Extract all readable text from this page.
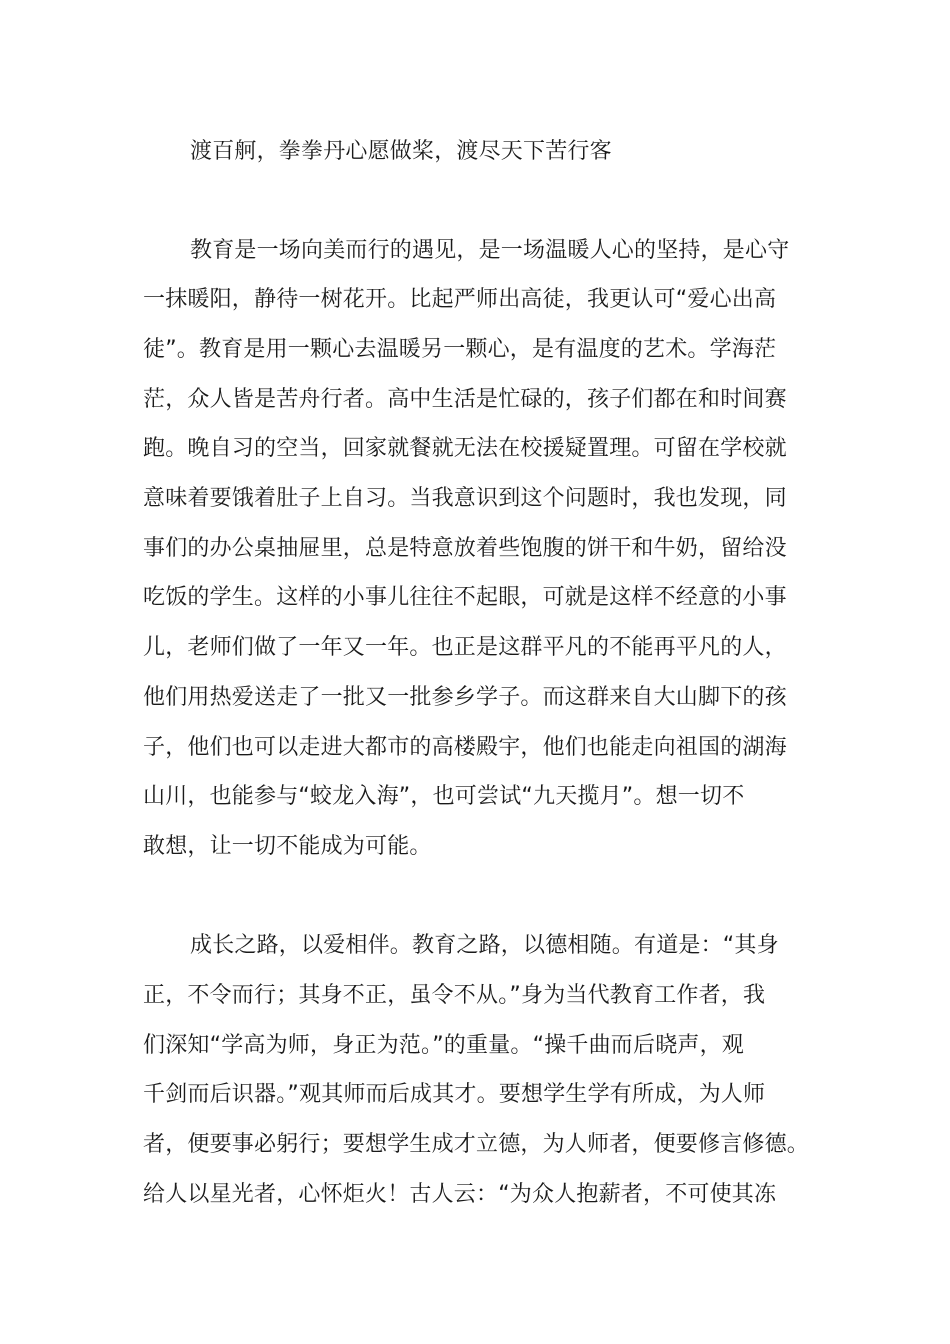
渡百舸，拳拳丹心愿做桨，渡尽天下苦行客
教育是一场向美而行的遇见，是一场温暖人心的坚持，是心守
一抹暖阳，静待一树花开。比起严师出高徒，我更认可“爱心出高
徒”。教育是用一颗心去温暖另一颗心，是有温度的艺术。学海茫
茫，众人皆是苦舟行者。高中生活是忙碌的，孩子们都在和时间赛
跑。晚自习的空当，回家就餐就无法在校援疑置理。可留在学校就
意味着要饿着肚子上自习。当我意识到这个问题时，我也发现，同
事们的办公桌抽屉里，总是特意放着些饱腹的饼干和牛奶，留给没
吃饭的学生。这样的小事儿往往不起眼，可就是这样不经意的小事
儿，老师们做了一年又一年。也正是这群平凡的不能再平凡的人，
他们用热爱送走了一批又一批参乡学子。而这群来自大山脚下的孩
子，他们也可以走进大都市的高楼殿宇，他们也能走向祖国的湖海
山川，也能参与“蛟龙入海”，也可尝试“九天揽月”。想一切不
敢想，让一切不能成为可能。
成长之路，以爱相伴。教育之路，以德相随。有道是：“其身
正，不令而行；其身不正，虽令不从。”身为当代教育工作者，我
们深知“学高为师，身正为范。”的重量。“操千曲而后晓声，观
千剑而后识器。”观其师而后成其才。要想学生学有所成，为人师
者，便要事必躬行；要想学生成才立德，为人师者，便要修言修德。
给人以星光者，心怀炬火！古人云：“为众人抱薪者，不可使其冻
